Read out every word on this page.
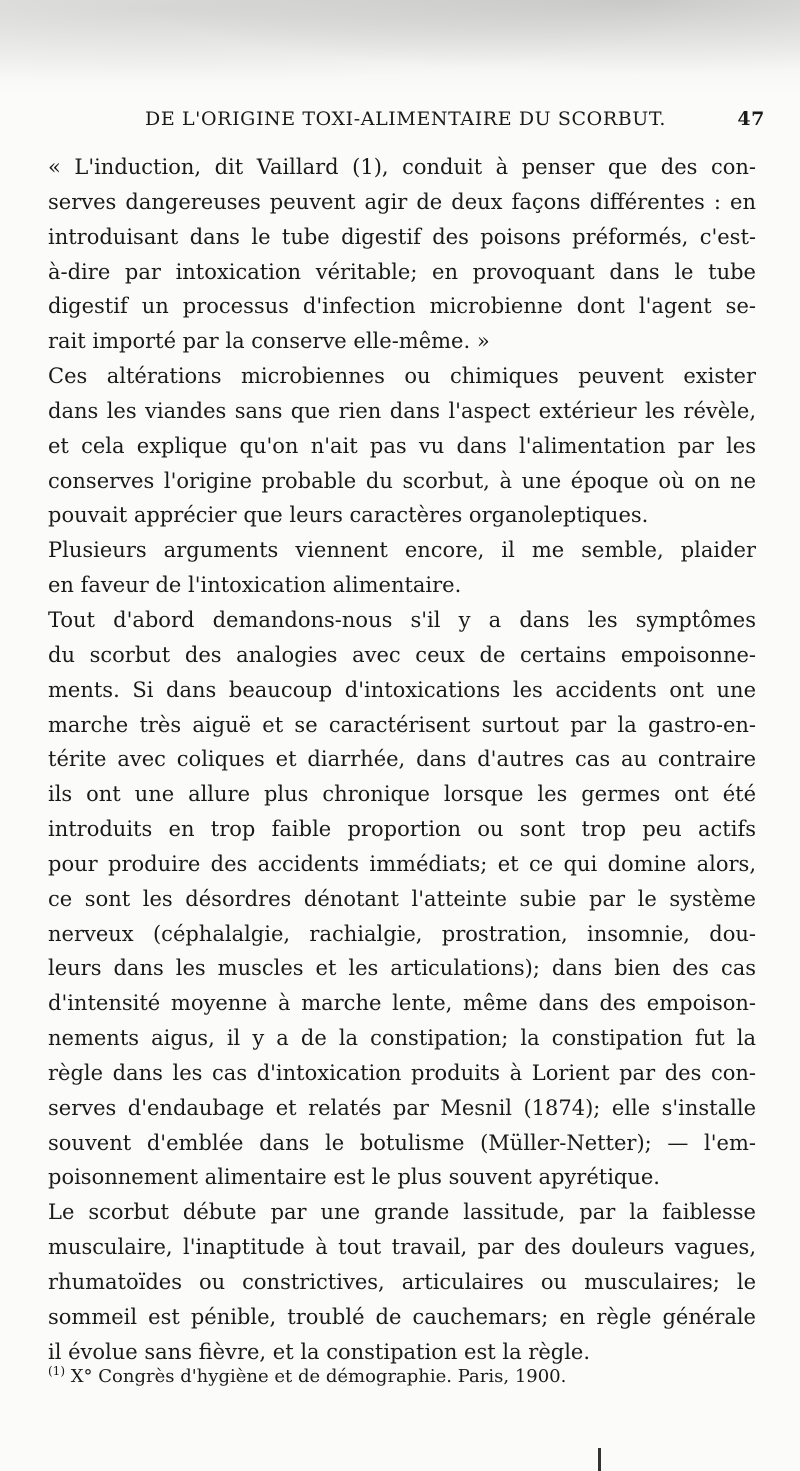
DE L'ORIGINE TOXI-ALIMENTAIRE DU SCORBUT.	47
« L'induction, dit Vaillard (1), conduit à penser que des con-
serves dangereuses peuvent agir de deux façons différentes : en
introduisant dans le tube digestif des poisons préformés, c'est-
à-dire par intoxication véritable; en provoquant dans le tube
digestif un processus d'infection microbienne dont l'agent se-
rait importé par la conserve elle-même. »
Ces altérations microbiennes ou chimiques peuvent exister
dans les viandes sans que rien dans l'aspect extérieur les révèle,
et cela explique qu'on n'ait pas vu dans l'alimentation par les
conserves l'origine probable du scorbut, à une époque où on ne
pouvait apprécier que leurs caractères organoleptiques.
Plusieurs arguments viennent encore, il me semble, plaider
en faveur de l'intoxication alimentaire.
Tout d'abord demandons-nous s'il y a dans les symptômes
du scorbut des analogies avec ceux de certains empoisonne-
ments. Si dans beaucoup d'intoxications les accidents ont une
marche très aiguë et se caractérisent surtout par la gastro-en-
térite avec coliques et diarrhée, dans d'autres cas au contraire
ils ont une allure plus chronique lorsque les germes ont été
introduits en trop faible proportion ou sont trop peu actifs
pour produire des accidents immédiats; et ce qui domine alors,
ce sont les désordres dénotant l'atteinte subie par le système
nerveux (céphalalgie, rachialgie, prostration, insomnie, dou-
leurs dans les muscles et les articulations); dans bien des cas
d'intensité moyenne à marche lente, même dans des empoison-
nements aigus, il y a de la constipation; la constipation fut la
règle dans les cas d'intoxication produits à Lorient par des con-
serves d'endaubage et relatés par Mesnil (1874); elle s'installe
souvent d'emblée dans le botulisme (Müller-Netter); — l'em-
poisonnement alimentaire est le plus souvent apyrétique.
Le scorbut débute par une grande lassitude, par la faiblesse
musculaire, l'inaptitude à tout travail, par des douleurs vagues,
rhumatoïdes ou constrictives, articulaires ou musculaires; le
sommeil est pénible, troublé de cauchemars; en règle générale
il évolue sans fièvre, et la constipation est la règle.
$^{(1)}$ X° Congrès d'hygiène et de démographie. Paris, 1900.
